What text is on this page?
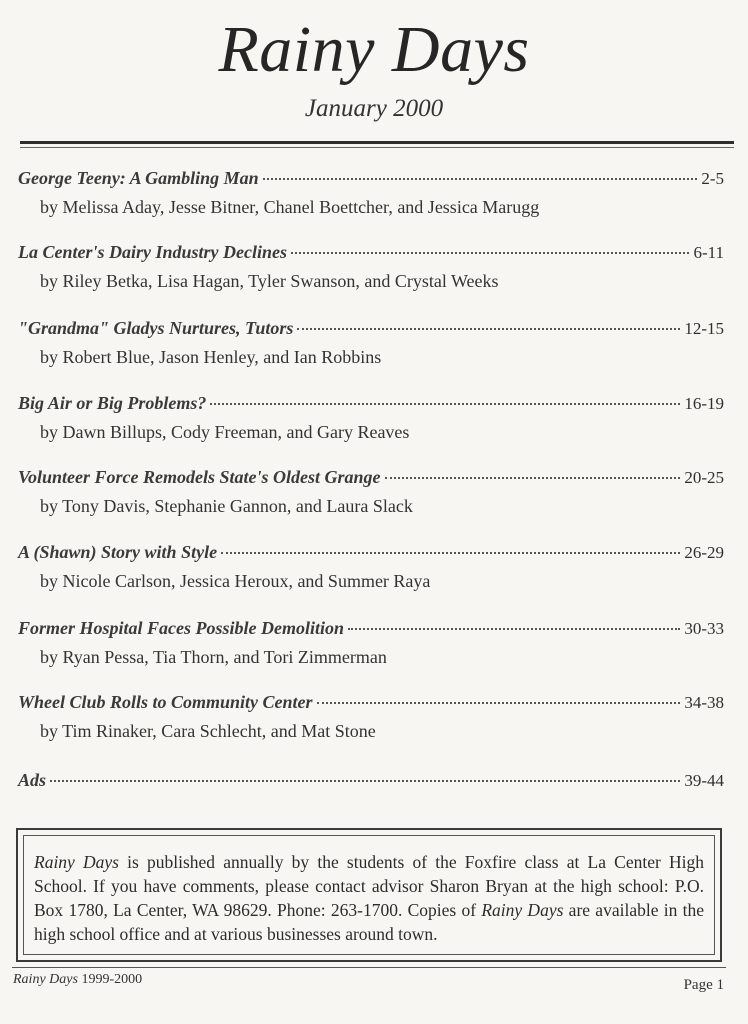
Rainy Days
January 2000
George Teeny: A Gambling Man	2-5
by Melissa Aday, Jesse Bitner, Chanel Boettcher, and Jessica Marugg
La Center's Dairy Industry Declines	6-11
by Riley Betka, Lisa Hagan, Tyler Swanson, and Crystal Weeks
"Grandma" Gladys Nurtures, Tutors	12-15
by Robert Blue, Jason Henley, and Ian Robbins
Big Air or Big Problems?	16-19
by Dawn Billups, Cody Freeman, and Gary Reaves
Volunteer Force Remodels State's Oldest Grange	20-25
by Tony Davis, Stephanie Gannon, and Laura Slack
A (Shawn) Story with Style	26-29
by Nicole Carlson, Jessica Heroux, and Summer Raya
Former Hospital Faces Possible Demolition	30-33
by Ryan Pessa, Tia Thorn, and Tori Zimmerman
Wheel Club Rolls to Community Center	34-38
by Tim Rinaker, Cara Schlecht, and Mat Stone
Ads	39-44
Rainy Days is published annually by the students of the Foxfire class at La Center High School. If you have comments, please contact advisor Sharon Bryan at the high school: P.O. Box 1780, La Center, WA 98629. Phone: 263-1700. Copies of Rainy Days are available in the high school office and at various businesses around town.
Rainy Days 1999-2000	Page 1
